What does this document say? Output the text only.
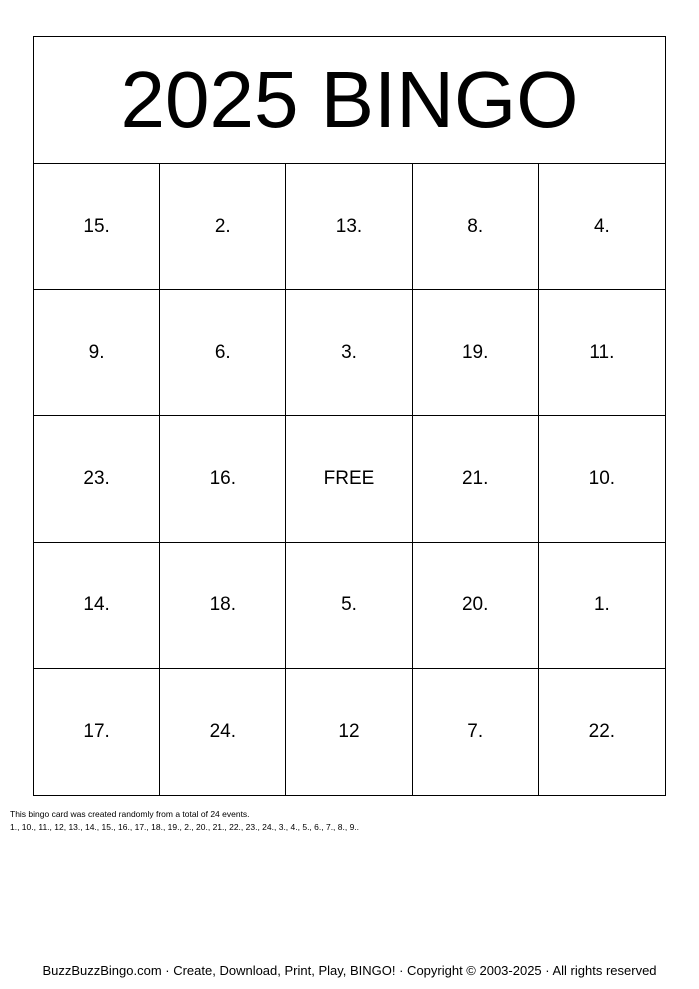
2025 BINGO
15.	2.	13.	8.	4.
9.	6.	3.	19.	11.
23.	16.	FREE	21.	10.
14.	18.	5.	20.	1.
17.	24.	12	7.	22.
This bingo card was created randomly from a total of 24 events.
1., 10., 11., 12, 13., 14., 15., 16., 17., 18., 19., 2., 20., 21., 22., 23., 24., 3., 4., 5., 6., 7., 8., 9..
BuzzBuzzBingo.com · Create, Download, Print, Play, BINGO! · Copyright © 2003-2025 · All rights reserved
